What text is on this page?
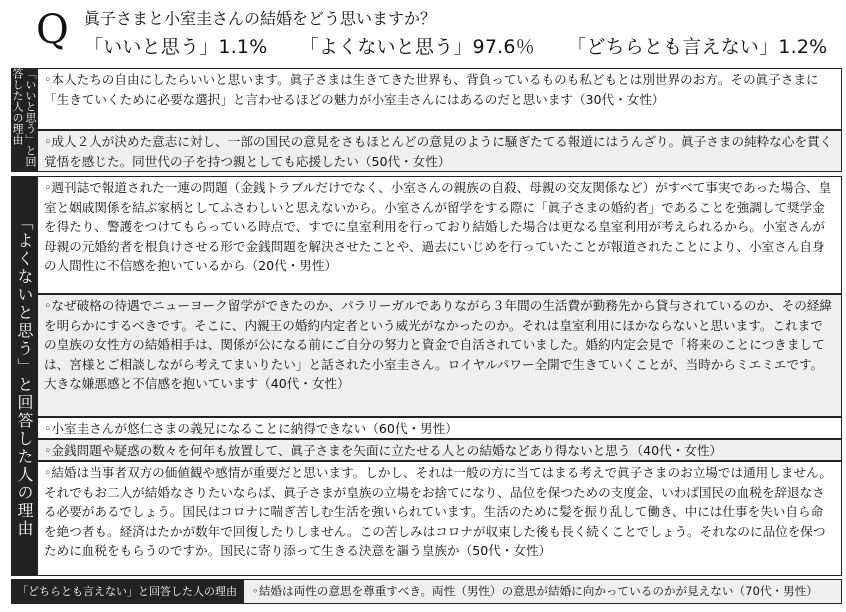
Q 眞子さまと小室圭さんの結婚をどう思いますか？
「いいと思う」1.1% 「よくないと思う」97.6％ 「どちらとも言えない」1.2%
「いいと思う」と回答した人の理由	◦本人たちの自由にしたらいいと思います。眞子さまは生きてきた世界も、背負っているものも私どもとは別世界のお方。その眞子さまに「生きていくために必要な選択」と言わせるほどの魅力が小室圭さんにはあるのだと思います（30代・女性）
◦成人２人が決めた意志に対し、一部の国民の意見をさもほとんどの意見のように騒ぎたてる報道にはうんざり。眞子さまの純粋な心を貫く覚悟を感じた。同世代の子を持つ親としても応援したい（50代・女性）
「よくないと思う」と回答した人の理由
◦週刊誌で報道された一連の問題（金銭トラブルだけでなく、小室さんの親族の自殺、母親の交友関係など）がすべて事実であった場合、皇室と姻戚関係を結ぶ家柄としてふさわしいと思えないから。小室さんが留学をする際に「眞子さまの婚約者」であることを強調して奨学金を得たり、警護をつけてもらっている時点で、すでに皇室利用を行っており結婚した場合は更なる皇室利用が考えられるから。小室さんが母親の元婚約者を根負けさせる形で金銭問題を解決させたことや、過去にいじめを行っていたことが報道されたことにより、小室さん自身の人間性に不信感を抱いているから（20代・男性）
◦なぜ破格の待遇でニューヨーク留学ができたのか、パラリーガルでありながら３年間の生活費が勤務先から貸与されているのか、その経緯を明らかにするべきです。そこに、内親王の婚約内定者という威光がなかったのか。それは皇室利用にほかならないと思います。これまでの皇族の女性方の結婚相手は、関係が公になる前にご自分の努力と資金で自活されていました。婚約内定会見で「将来のことにつきましては、宮様とご相談しながら考えてまいりたい」と話された小室圭さん。ロイヤルパワー全開で生きていくことが、当時からミエミエです。大きな嫌悪感と不信感を抱いています（40代・女性）
◦小室圭さんが悠仁さまの義兄になることに納得できない（60代・男性）
◦金銭問題や疑惑の数々を何年も放置して、眞子さまを矢面に立たせる人との結婚などあり得ないと思う（40代・女性）
◦結婚は当事者双方の価値観や感情が重要だと思います。しかし、それは一般の方に当てはまる考えで眞子さまのお立場では通用しません。それでもお二人が結婚なさりたいならば、眞子さまが皇族の立場をお捨てになり、品位を保つための支度金、いわば国民の血税を辞退なさる必要があるでしょう。国民はコロナに喘ぎ苦しむ生活を強いられています。生活のために髪を振り乱して働き、中には仕事を失い自ら命を絶つ者も。経済はたかが数年で回復したりしません。この苦しみはコロナが収束した後も長く続くことでしょう。それなのに品位を保つために血税をもらうのですか。国民に寄り添って生きる決意を謳う皇族か（50代・女性）
「どちらとも言えない」と回答した人の理由	◦結婚は両性の意思を尊重すべき。両性（男性）の意思が結婚に向かっているのかが見えない（70代・男性）
